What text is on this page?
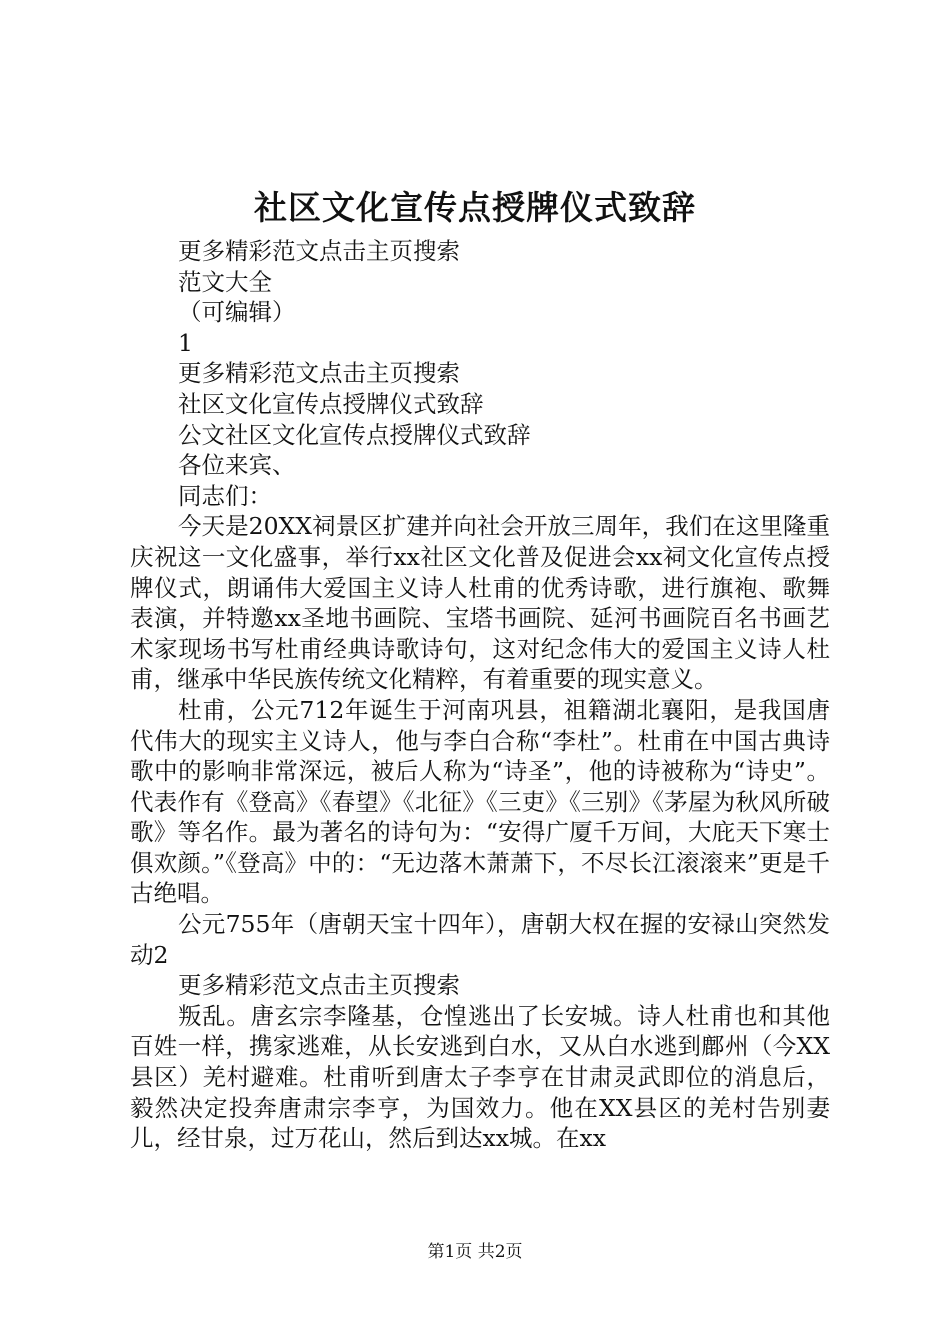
社区文化宣传点授牌仪式致辞

更多精彩范文点击主页搜索

范文大全

（可编辑）

1

更多精彩范文点击主页搜索

社区文化宣传点授牌仪式致辞

公文社区文化宣传点授牌仪式致辞

各位来宾、

同志们：

今天是20XX祠景区扩建并向社会开放三周年，我们在这里隆重庆祝这一文化盛事，举行xx社区文化普及促进会xx祠文化宣传点授牌仪式，朗诵伟大爱国主义诗人杜甫的优秀诗歌，进行旗袍、歌舞表演，并特邀xx圣地书画院、宝塔书画院、延河书画院百名书画艺术家现场书写杜甫经典诗歌诗句，这对纪念伟大的爱国主义诗人杜甫，继承中华民族传统文化精粹，有着重要的现实意义。

杜甫，公元712年诞生于河南巩县，祖籍湖北襄阳，是我国唐代伟大的现实主义诗人，他与李白合称“李杜”。杜甫在中国古典诗歌中的影响非常深远，被后人称为“诗圣”，他的诗被称为“诗史”。代表作有《登高》《春望》《北征》《三吏》《三别》《茅屋为秋风所破歌》等名作。最为著名的诗句为：“安得广厦千万间，大庇天下寒士俱欢颜。”《登高》中的：“无边落木萧萧下，不尽长江滚滚来”更是千古绝唱。

公元755年（唐朝天宝十四年），唐朝大权在握的安禄山突然发动2

更多精彩范文点击主页搜索

叛乱。唐玄宗李隆基，仓惶逃出了长安城。诗人杜甫也和其他百姓一样，携家逃难，从长安逃到白水，又从白水逃到鄜州（今XX县区）羌村避难。杜甫听到唐太子李亨在甘肃灵武即位的消息后，毅然决定投奔唐肃宗李亨，为国效力。他在XX县区的羌村告别妻儿，经甘泉，过万花山，然后到达xx城。在xx

第1页 共2页
